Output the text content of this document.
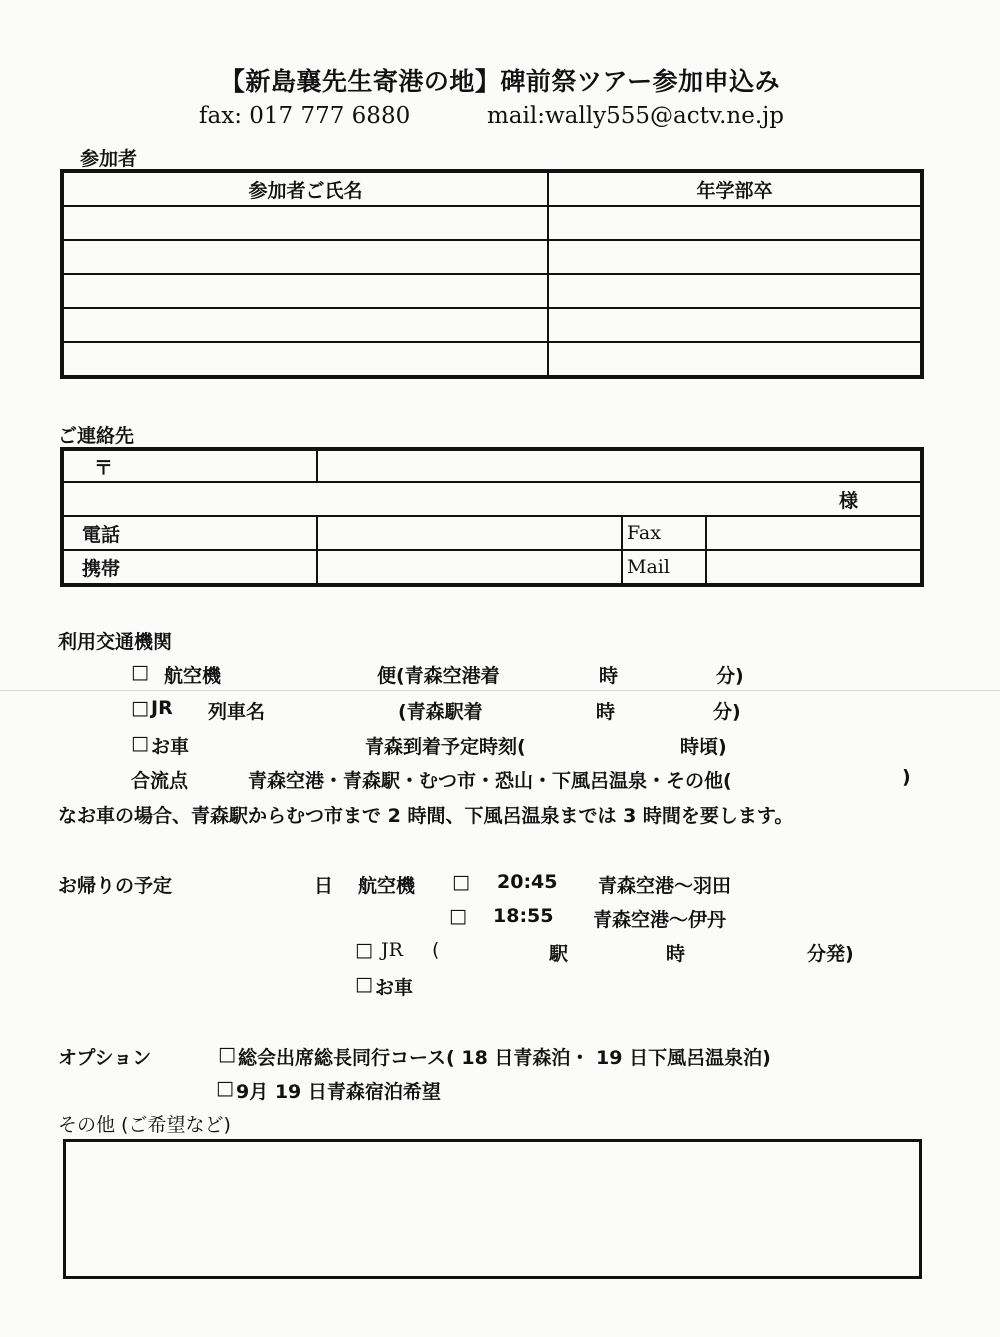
【新島襄先生寄港の地】碑前祭ツアー参加申込み
fax: 017 777 6880	mail:wally555@actv.ne.jp
参加者
参加者ご氏名	年学部卒

ご連絡先
〒			
様			
電話		Fax	
携帯		Mail	
利用交通機関
□ 航空機	便(青森空港着	時	分)
□ JR 列車名	(青森駅着	時	分)
□ お車	青森到着予定時刻(	時頃)
合流点	青森空港・青森駅・むつ市・恐山・下風呂温泉・その他(	)
なお車の場合、青森駅からむつ市まで 2 時間、下風呂温泉までは 3 時間を要します。
お帰りの予定	日 航空機 □ 20:45 青森空港～羽田
□ 18:55 青森空港～伊丹
□ JR (	駅	時	分発)
□ お車
オプション	□ 総会出席総長同行コース( 18 日青森泊・ 19 日下風呂温泉泊)
□ 9月 19 日青森宿泊希望
その他 (ご希望など)
